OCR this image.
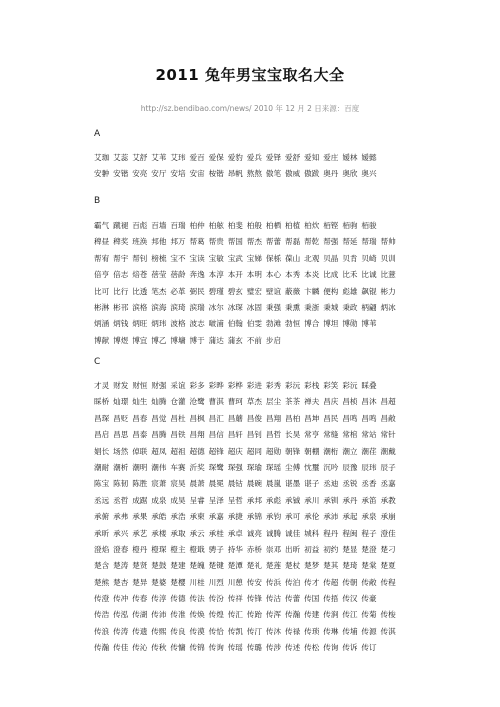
2011 兔年男宝宝取名大全
http://sz.bendibao.com/news/ 2010 年 12 月 2 日来源：百度
A
艾珈 艾蕊 艾舒 艾苇 艾玮 爱百 爱保 爱豹 爱兵 爱铎 爱舒 爱知 爱庄 嫒林 嫒懿
安翀 安锴 安亮 安厅 安培 安宙 桉锴 昂帆 熬熬 傲笔 傲威 傲跋 奥丹 奥欣 奥兴
B
霸气 蹴褪 百彪 百墙 百瑞 柏仲 柏舷 柏斐 柏般 柏栖 柏植 柏炊 栢铿 栢驹 栢骏
稗昼 稗奖 班涣 邦他 邦万 帮葛 帮贵 帮国 帮杰 帮蕾 帮磊 帮乾 帮强 帮延 帮瑞 帮帅
帮宥 帮宇 帮钊 榜梳 宝不 宝读 宝敏 宝武 宝娣 保栎 葆山 北观 贝晶 贝肯 贝崎 贝训
倍亨 倍志 焙苍 蓓莹 蓓龄 奔逸 本淳 本开 本明 本心 本秀 本炎 比成 比禾 比诚 比薏
比可 比行 比透 笔杰 必革 弼民 碧瑾 碧玄 璧宏 壁谊 蔽薇 卞麟 便构 彪雄 飙锟 彬力
彬淋 彬邗 滨格 滨海 滨琦 滨瑞 冰尔 冰琛 冰固 秉强 秉熏 秉浙 秉城 秉政 柄翩 炳冰
炳涵 炳钱 炳旺 炳玮 波格 波志 啵浦 伯翰 伯雯 勃滩 勃恒 博合 博坦 博勋 博苇
博献 博煜 博宜 博乙 博墉 博于 蒲达 蒲玄 不前 步启
C
才灵 财发 财恒 财强 采谊 彩多 彩晔 彩桦 彩进 彩秀 彩沅 彩栈 彩笑 彩沅 睬叠
睬桥 灿璟 灿生 灿腾 仓灌 沧鹭 曹淇 曹珂 草杰 层尘 茶茶 禅夫 昌庆 昌桢 昌沐 昌超
昌琛 昌贬 昌春 昌觉 昌杜 昌枫 昌汇 昌蘑 昌俊 昌翔 昌柏 昌坤 昌民 昌鸣 昌鸣 昌敞
昌启 昌思 昌泰 昌腾 昌铁 昌翔 昌信 昌轩 昌钊 昌哲 长昊 常亨 常缝 常棺 常站 常针
娼长 场然 倬联 超凤 超祖 超德 超锋 超庆 超同 超勋 朝锋 朝棚 潮桁 潮立 潮荏 潮戴
潮耐 潮析 潮明 潮伟 车赛 沂奖 琛鹭 琛强 琛瑜 琛瑶 尘傅 忱璽 沉吟 辰豫 辰玮 辰子
陈宝 陈韧 陈胜 宸萧 宸昊 晨萧 晨冕 晨钴 晨碗 晨嵐 谌墨 谌子 丞迪 丞锐 丞香 丞嘉
丞远 丞哲 成踞 成泉 成昊 呈睿 呈泽 呈哲 承邦 承彪 承铖 承川 承钏 承丹 承笛 承教
承俯 承弗 承果 承皓 承浩 承柬 承嘉 承捷 承锦 承钧 承可 承伦 承沛 承起 承泉 承崩
承昕 承兴 承艺 承楼 承取 承云 承桂 承卓 诚亮 诚腾 诚佳 城科 程丹 程闽 程子 澄佳
澄焰 澄春 橙丹 橙琛 橙主 橙戢 骋子 持华 赤桥 崇邓 出昕 初益 初约 楚显 楚澄 楚刁
楚含 楚涛 楚贤 楚鼓 楚建 楚魄 楚键 楚潭 楚礼 楚莲 楚杖 楚梦 楚其 楚琦 楚棠 楚夏
楚熊 楚杏 楚异 楚婆 楚樱 川桂 川烈 川憩 传安 传浜 传泊 传才 传超 传朝 传敞 传程
传澄 传冲 传春 传淳 传德 传法 传汾 传祥 传锋 传沽 传蕾 传国 传捂 传汉 传豪
传浩 传泓 传湖 传沛 传准 传焕 传煌 传汇 传跆 传浑 传瀚 传建 传涧 传江 传菊 传梭
传浪 传涛 传遗 传熙 传良 传漠 传恰 传凯 传汀 传沐 传禄 传琐 传琳 传埔 传源 传淇
传瀚 传佳 传沁 传秋 传慵 传锦 传询 传瑶 传璐 传涉 传述 传松 传询 传诉 传订
